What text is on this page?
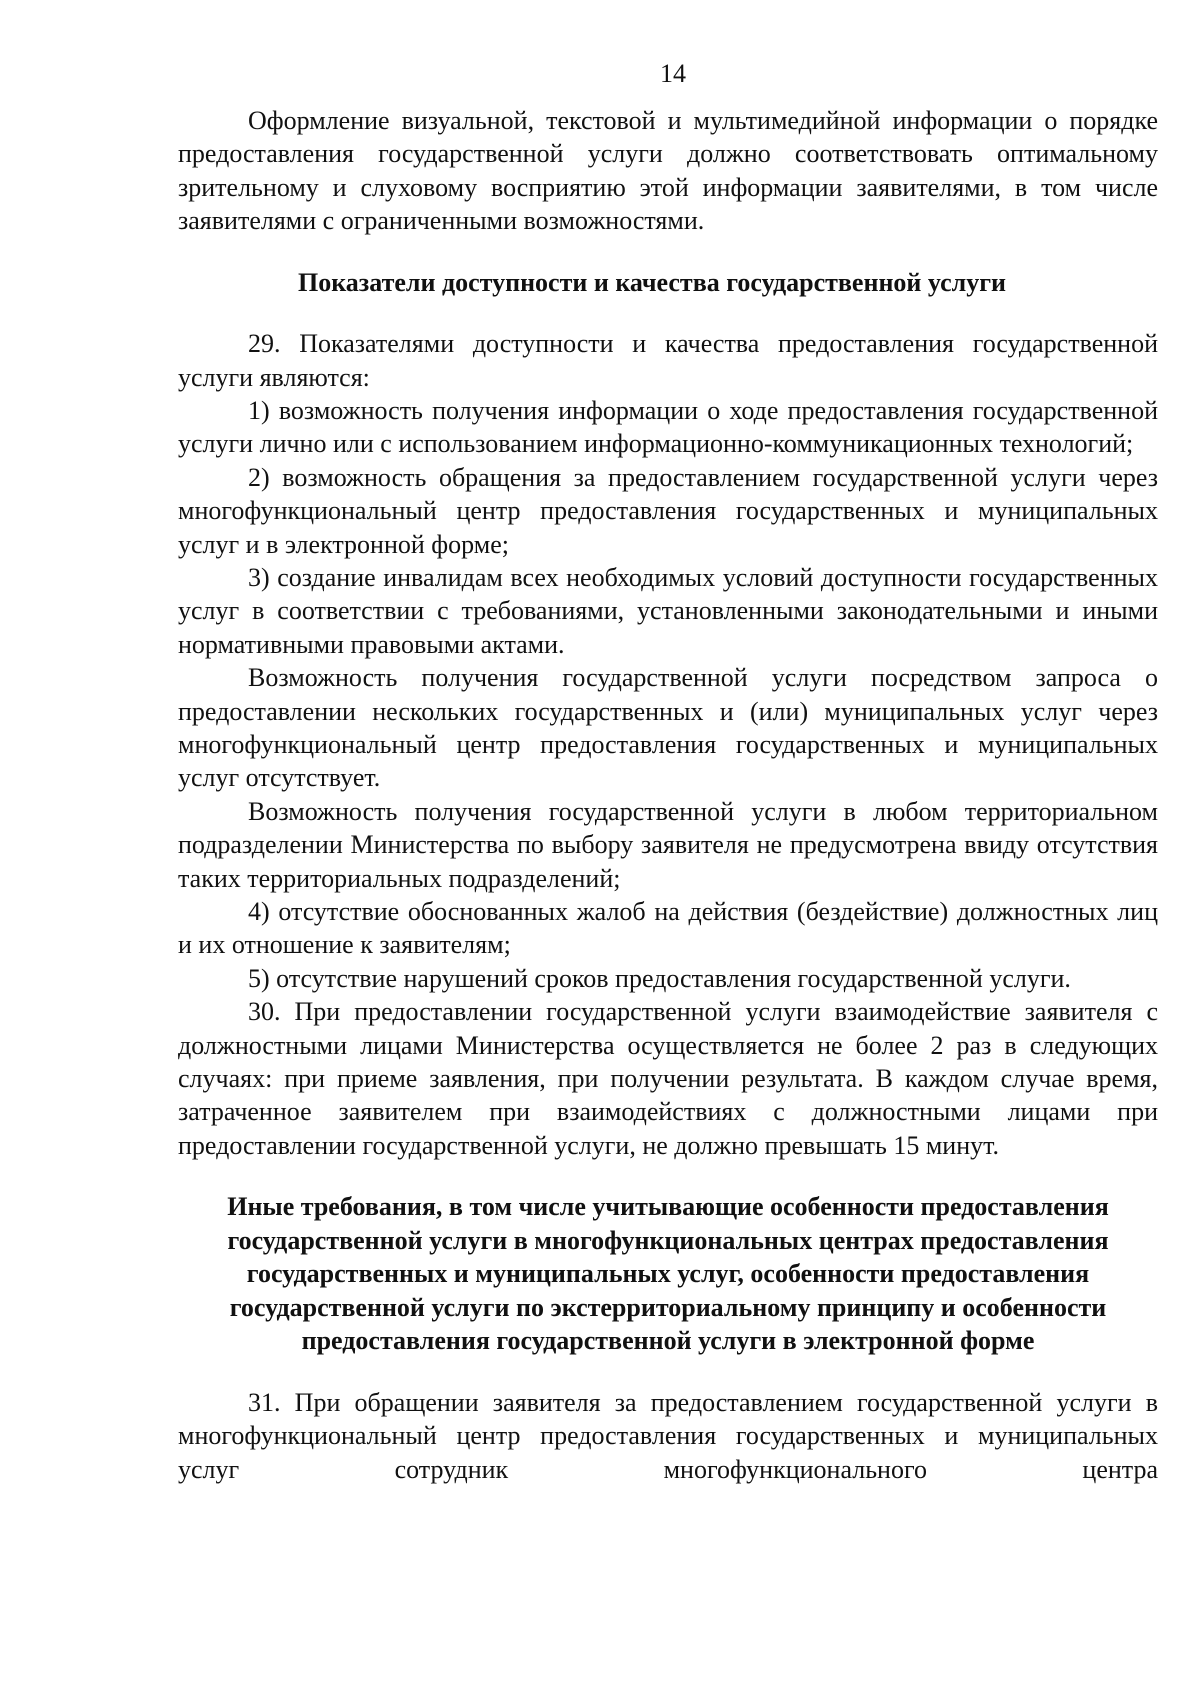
14

Оформление визуальной, текстовой и мультимедийной информации о порядке предоставления государственной услуги должно соответствовать оптимальному зрительному и слуховому восприятию этой информации заявителями, в том числе заявителями с ограниченными возможностями.

Показатели доступности и качества государственной услуги

29. Показателями доступности и качества предоставления государственной услуги являются:

1) возможность получения информации о ходе предоставления государственной услуги лично или с использованием информационно-коммуникационных технологий;

2) возможность обращения за предоставлением государственной услуги через многофункциональный центр предоставления государственных и муниципальных услуг и в электронной форме;

3) создание инвалидам всех необходимых условий доступности государственных услуг в соответствии с требованиями, установленными законодательными и иными нормативными правовыми актами.

Возможность получения государственной услуги посредством запроса о предоставлении нескольких государственных и (или) муниципальных услуг через многофункциональный центр предоставления государственных и муниципальных услуг отсутствует.

Возможность получения государственной услуги в любом территориальном подразделении Министерства по выбору заявителя не предусмотрена ввиду отсутствия таких территориальных подразделений;

4) отсутствие обоснованных жалоб на действия (бездействие) должностных лиц и их отношение к заявителям;

5) отсутствие нарушений сроков предоставления государственной услуги.

30. При предоставлении государственной услуги взаимодействие заявителя с должностными лицами Министерства осуществляется не более 2 раз в следующих случаях: при приеме заявления, при получении результата. В каждом случае время, затраченное заявителем при взаимодействиях с должностными лицами при предоставлении государственной услуги, не должно превышать 15 минут.

Иные требования, в том числе учитывающие особенности предоставления государственной услуги в многофункциональных центрах предоставления государственных и муниципальных услуг, особенности предоставления государственной услуги по экстерриториальному принципу и особенности предоставления государственной услуги в электронной форме

31. При обращении заявителя за предоставлением государственной услуги в многофункциональный центр предоставления государственных и муниципальных услуг сотрудник многофункционального центра
